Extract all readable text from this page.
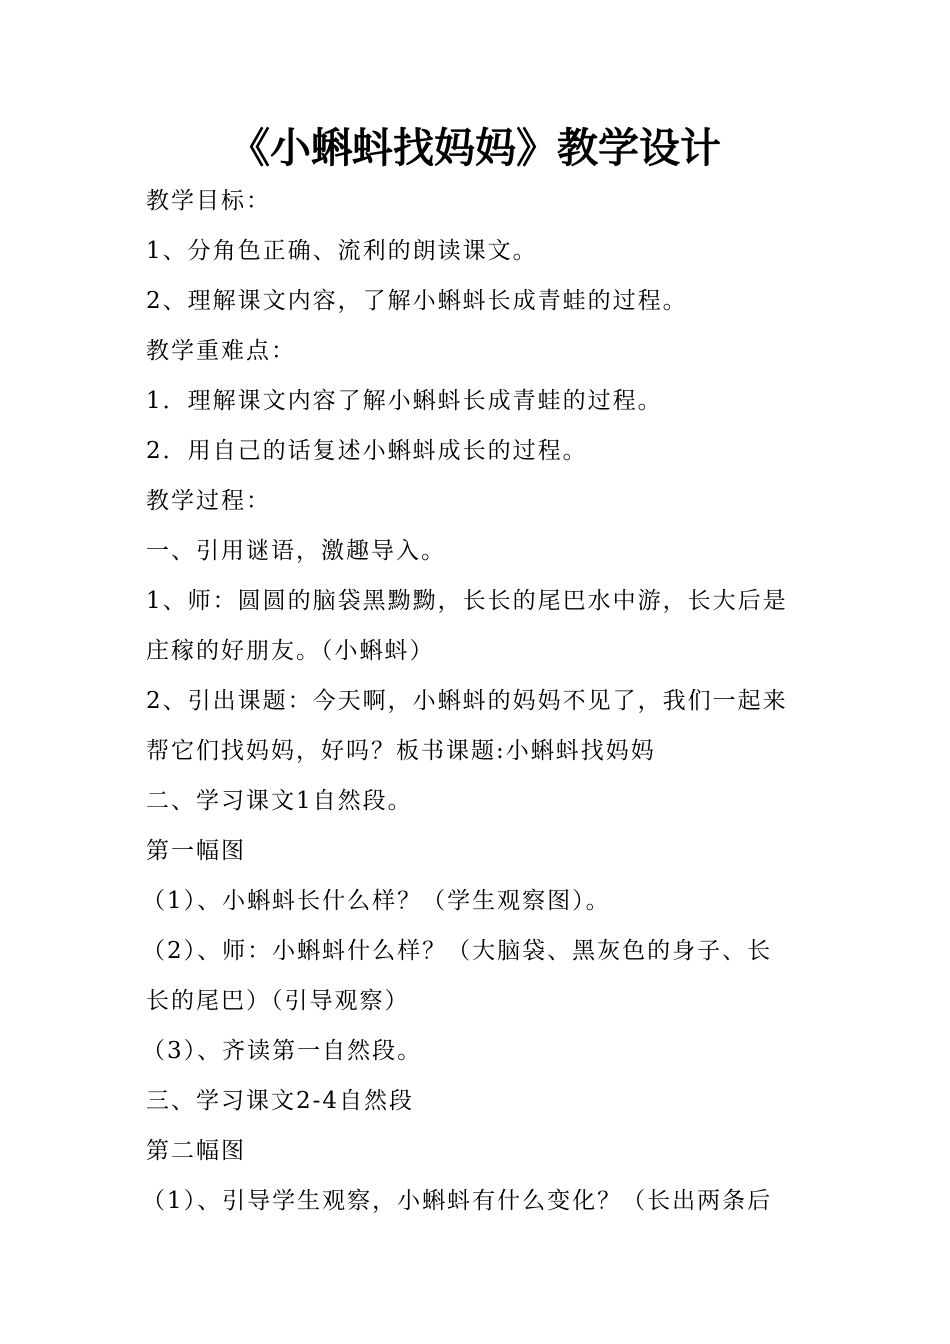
《小蝌蚪找妈妈》教学设计
教学目标：
1、分角色正确、流利的朗读课文。
2、理解课文内容，了解小蝌蚪长成青蛙的过程。
教学重难点：
1．理解课文内容了解小蝌蚪长成青蛙的过程。
2．用自己的话复述小蝌蚪成长的过程。
教学过程：
一、引用谜语，激趣导入。
1、师：圆圆的脑袋黑黝黝，长长的尾巴水中游，长大后是
庄稼的好朋友。（小蝌蚪）
2、引出课题：今天啊，小蝌蚪的妈妈不见了，我们一起来
帮它们找妈妈，好吗？板书课题:小蝌蚪找妈妈
二、学习课文1自然段。
第一幅图
（1）、小蝌蚪长什么样？（学生观察图）。
（2）、师：小蝌蚪什么样？（大脑袋、黑灰色的身子、长
长的尾巴）（引导观察）
（3）、齐读第一自然段。
三、学习课文2-4自然段
第二幅图
（1）、引导学生观察，小蝌蚪有什么变化？（长出两条后
